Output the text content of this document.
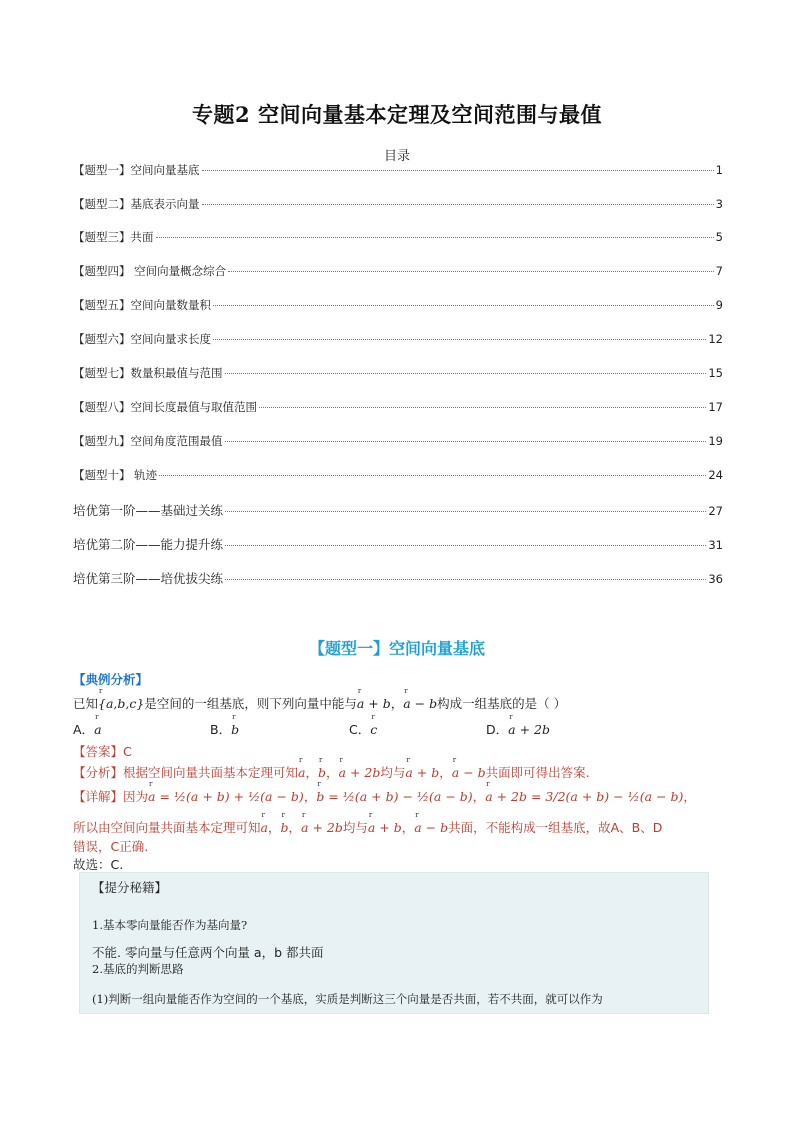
专题2 空间向量基本定理及空间范围与最值
目录
【题型一】空间向量基底	1
【题型二】基底表示向量	3
【题型三】共面	5
【题型四】 空间向量概念综合	7
【题型五】空间向量数量积	9
【题型六】空间向量求长度	12
【题型七】数量积最值与范围	15
【题型八】空间长度最值与取值范围	17
【题型九】空间角度范围最值	19
【题型十】 轨迹	24
培优第一阶——基础过关练	27
培优第二阶——能力提升练	31
培优第三阶——培优拔尖练	36
【题型一】空间向量基底
【典例分析】
已知r {a,b,c}是空间的一组基底，则下列向量中能与r a + b，r a − b构成一组基底的是（ ）
A．r a	B．r b	C．r c	D．r a + 2b
【答案】C
【分析】根据空间向量共面基本定理可知r a，r b，r a + 2b均与r a + b，r a − b共面即可得出答案.
【详解】因为r a = ½(a + b) + ½(a − b)，r b = ½(a + b) − ½(a − b)，r a + 2b = 3/2(a + b) − ½(a − b)，
所以由空间向量共面基本定理可知r a，r b，r a + 2b均与r a + b，r a − b共面，不能构成一组基底，故A、B、D
错误，C正确.
故选：C.
【提分秘籍】
1.基本零向量能否作为基向量?
不能. 零向量与任意两个向量 a，b 都共面
2.基底的判断思路
(1)判断一组向量能否作为空间的一个基底，实质是判断这三个向量是否共面，若不共面，就可以作为
